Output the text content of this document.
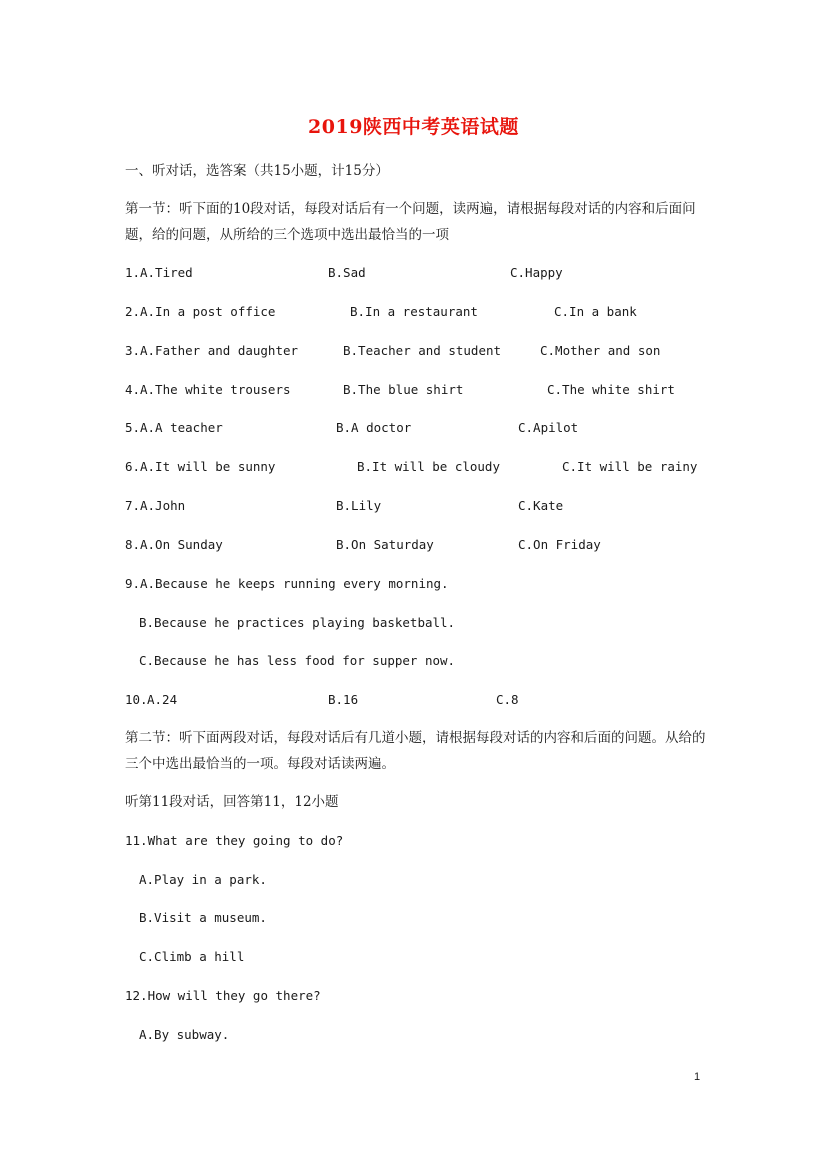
2019陕西中考英语试题
一、听对话，选答案（共15小题，计15分）
第一节：听下面的10段对话，每段对话后有一个问题，读两遍，请根据每段对话的内容和后面问题，给的问题，从所给的三个选项中选出最恰当的一项
1. A.Tired	B.Sad	C.Happy
2. A.In a post office	B.In a restaurant	C.In a bank
3. A.Father and daughter	B.Teacher and student	C.Mother and son
4. A.The white trousers	B.The blue shirt	C.The white shirt
5. A.A teacher	B.A doctor	C.Apilot
6. A.It will be sunny	B.It will be cloudy	C.It will be rainy
7. A.John	B.Lily	C.Kate
8. A.On Sunday	B.On Saturday	C.On Friday
9. A.Because he keeps running every morning.
B.Because he practices playing basketball.
C.Because he has less food for supper now.
10. A.24	B.16	C.8
第二节：听下面两段对话，每段对话后有几道小题，请根据每段对话的内容和后面的问题。从给的三个中选出最恰当的一项。每段对话读两遍。
听第11段对话，回答第11，12小题
11.What are they going to do?
A.Play in a park.
B.Visit a museum.
C.Climb a hill
12.How will they go there?
A.By subway.
1
